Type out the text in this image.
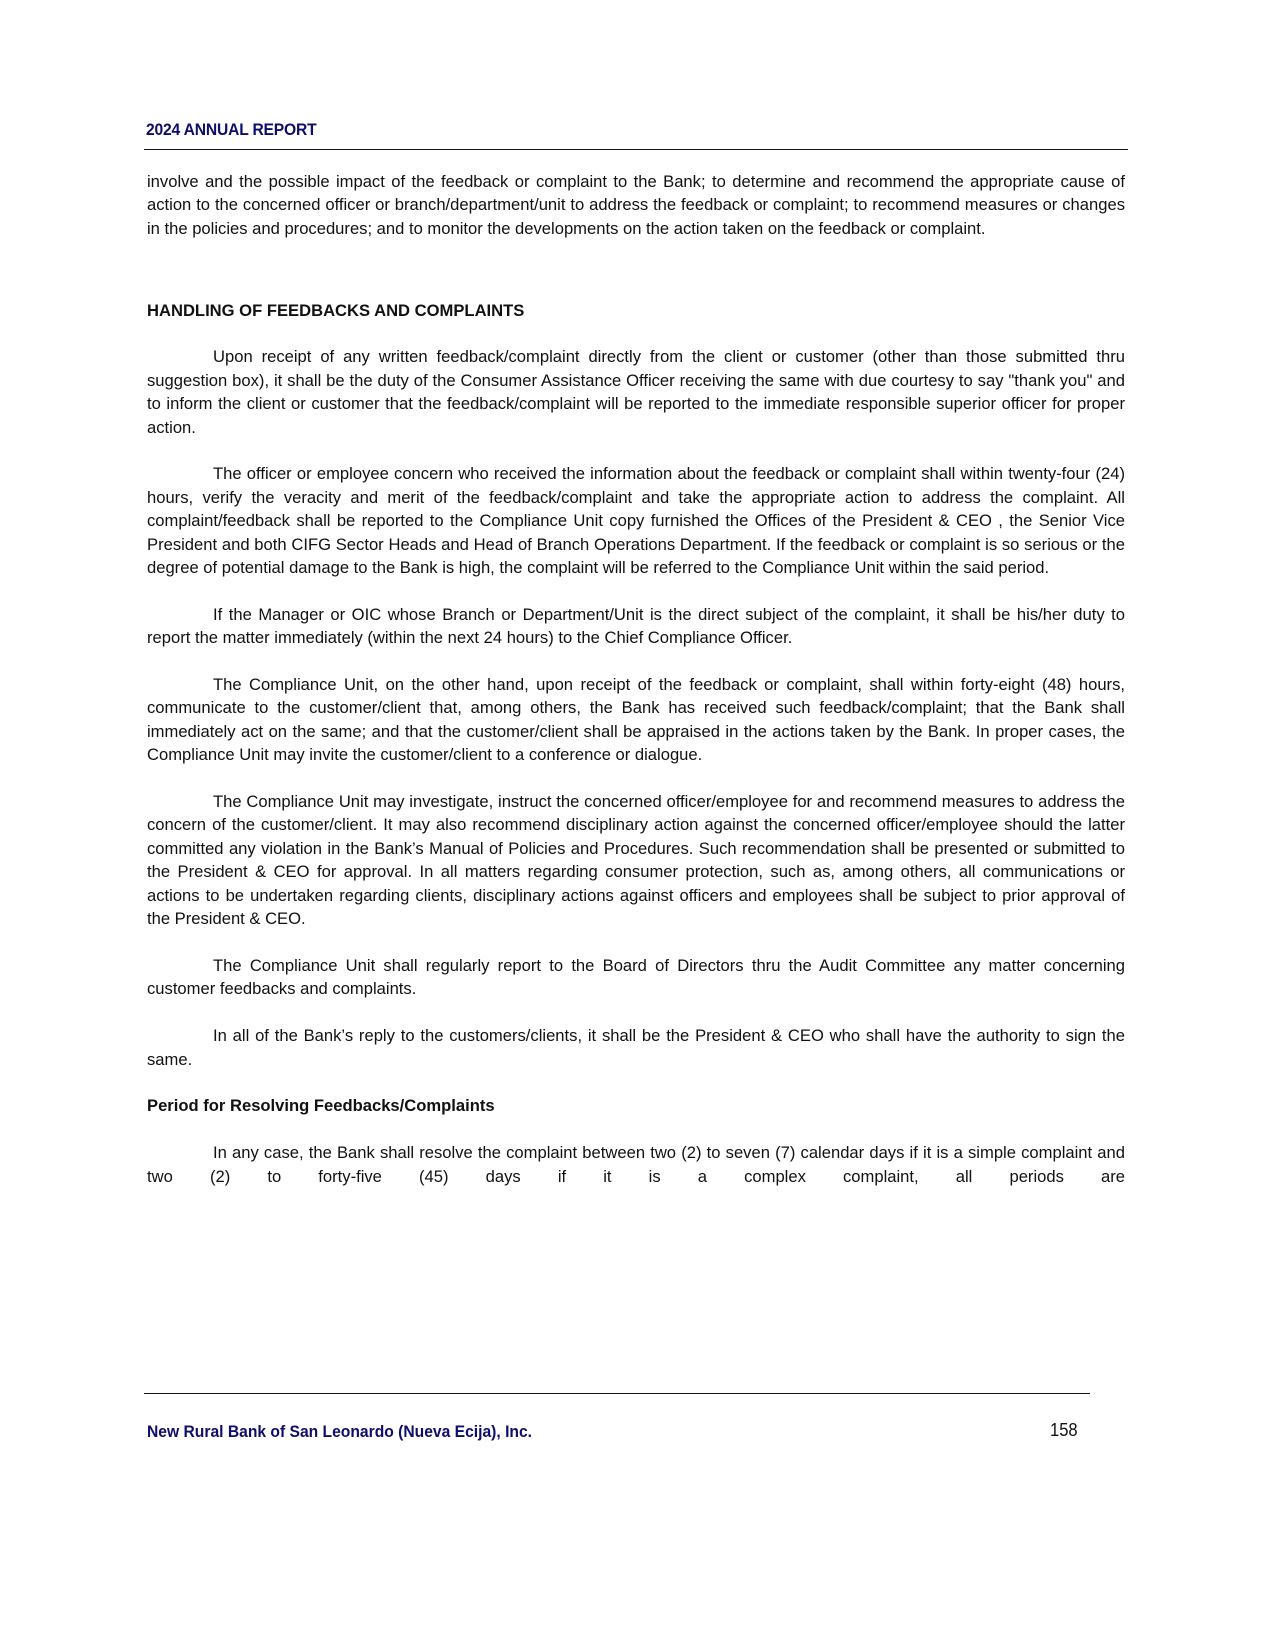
2024 ANNUAL REPORT

involve and the possible impact of the feedback or complaint to the Bank; to determine and recommend the appropriate cause of action to the concerned officer or branch/department/unit to address the feedback or complaint; to recommend measures or changes in the policies and procedures; and to monitor the developments on the action taken on the feedback or complaint.

HANDLING OF FEEDBACKS AND COMPLAINTS

Upon receipt of any written feedback/complaint directly from the client or customer (other than those submitted thru suggestion box), it shall be the duty of the Consumer Assistance Officer receiving the same with due courtesy to say "thank you" and to inform the client or customer that the feedback/complaint will be reported to the immediate responsible superior officer for proper action.

The officer or employee concern who received the information about the feedback or complaint shall within twenty-four (24) hours, verify the veracity and merit of the feedback/complaint and take the appropriate action to address the complaint. All complaint/feedback shall be reported to the Compliance Unit copy furnished the Offices of the President & CEO , the Senior Vice President and both CIFG Sector Heads and Head of Branch Operations Department. If the feedback or complaint is so serious or the degree of potential damage to the Bank is high, the complaint will be referred to the Compliance Unit within the said period.

If the Manager or OIC whose Branch or Department/Unit is the direct subject of the complaint, it shall be his/her duty to report the matter immediately (within the next 24 hours) to the Chief Compliance Officer.

The Compliance Unit, on the other hand, upon receipt of the feedback or complaint, shall within forty-eight (48) hours, communicate to the customer/client that, among others, the Bank has received such feedback/complaint; that the Bank shall immediately act on the same; and that the customer/client shall be appraised in the actions taken by the Bank. In proper cases, the Compliance Unit may invite the customer/client to a conference or dialogue.

The Compliance Unit may investigate, instruct the concerned officer/employee for and recommend measures to address the concern of the customer/client. It may also recommend disciplinary action against the concerned officer/employee should the latter committed any violation in the Bank’s Manual of Policies and Procedures. Such recommendation shall be presented or submitted to the President & CEO for approval. In all matters regarding consumer protection, such as, among others, all communications or actions to be undertaken regarding clients, disciplinary actions against officers and employees shall be subject to prior approval of the President & CEO.

The Compliance Unit shall regularly report to the Board of Directors thru the Audit Committee any matter concerning customer feedbacks and complaints.

In all of the Bank’s reply to the customers/clients, it shall be the President & CEO who shall have the authority to sign the same.

Period for Resolving Feedbacks/Complaints

In any case, the Bank shall resolve the complaint between two (2) to seven (7) calendar days if it is a simple complaint and two (2) to forty-five (45) days if it is a complex complaint, all periods are

New Rural Bank of San Leonardo (Nueva Ecija), Inc.	158
